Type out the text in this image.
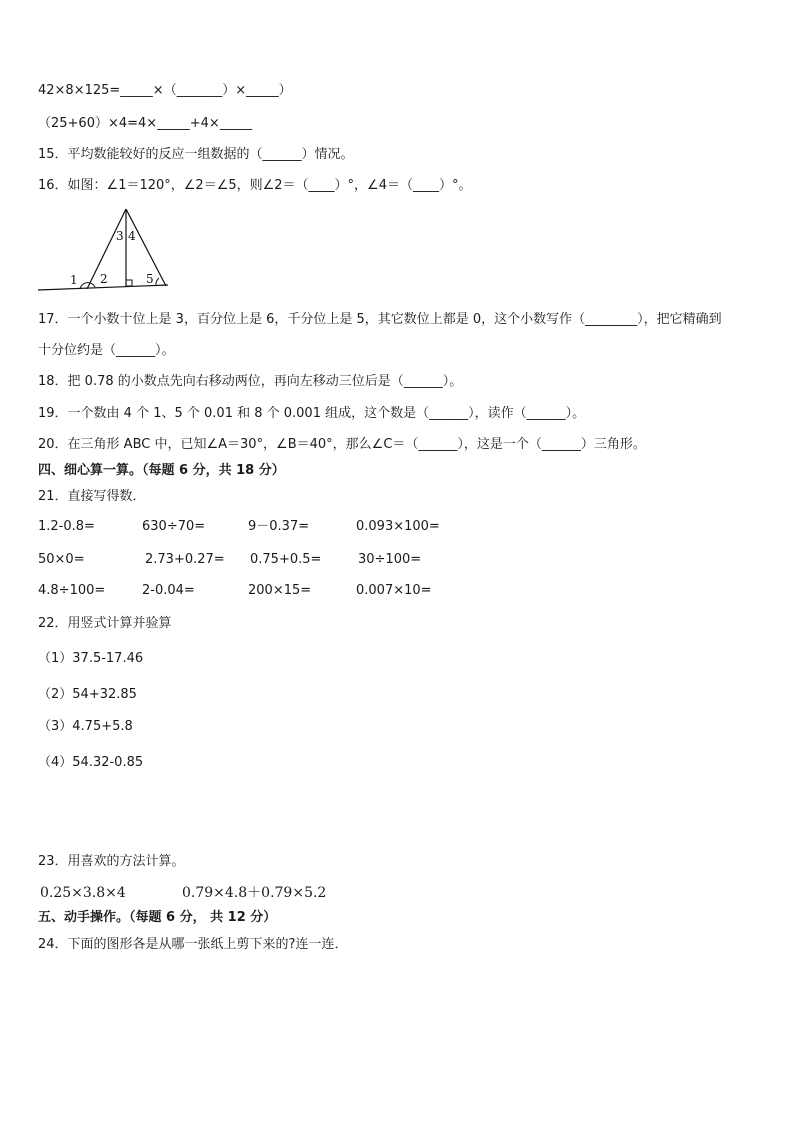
42×8×125=_____×（_______）×_____）
（25+60）×4=4×_____+4×_____
15．平均数能较好的反应一组数据的（______）情况。
16．如图：∠1＝120°，∠2＝∠5，则∠2＝（____）°，∠4＝（____）°。
1 2
3 4
5
17．一个小数十位上是 3，百分位上是 6，千分位上是 5，其它数位上都是 0，这个小数写作（________），把它精确到
十分位约是（______）。
18．把 0.78 的小数点先向右移动两位，再向左移动三位后是（______）。
19．一个数由 4 个 1、5 个 0.01 和 8 个 0.001 组成，这个数是（______），读作（______）。
20．在三角形 ABC 中，已知∠A＝30°，∠B＝40°，那么∠C＝（______），这是一个（______）三角形。
四、细心算一算。（每题 6 分，共 18 分）
21．直接写得数．
1.2-0.8=	630÷70=	9－0.37=	0.093×100=
50×0=	2.73+0.27= 0.75+0.5=	30÷100=
4.8÷100=	2-0.04=	200×15=	0.007×10=
22．用竖式计算并验算
（1）37.5-17.46
（2）54+32.85
（3）4.75+5.8
（4）54.32-0.85
23．用喜欢的方法计算。
0.25×3.8×4	0.79×4.8＋0.79×5.2
五、动手操作。（每题 6 分， 共 12 分）
24．下面的图形各是从哪一张纸上剪下来的?连一连．
